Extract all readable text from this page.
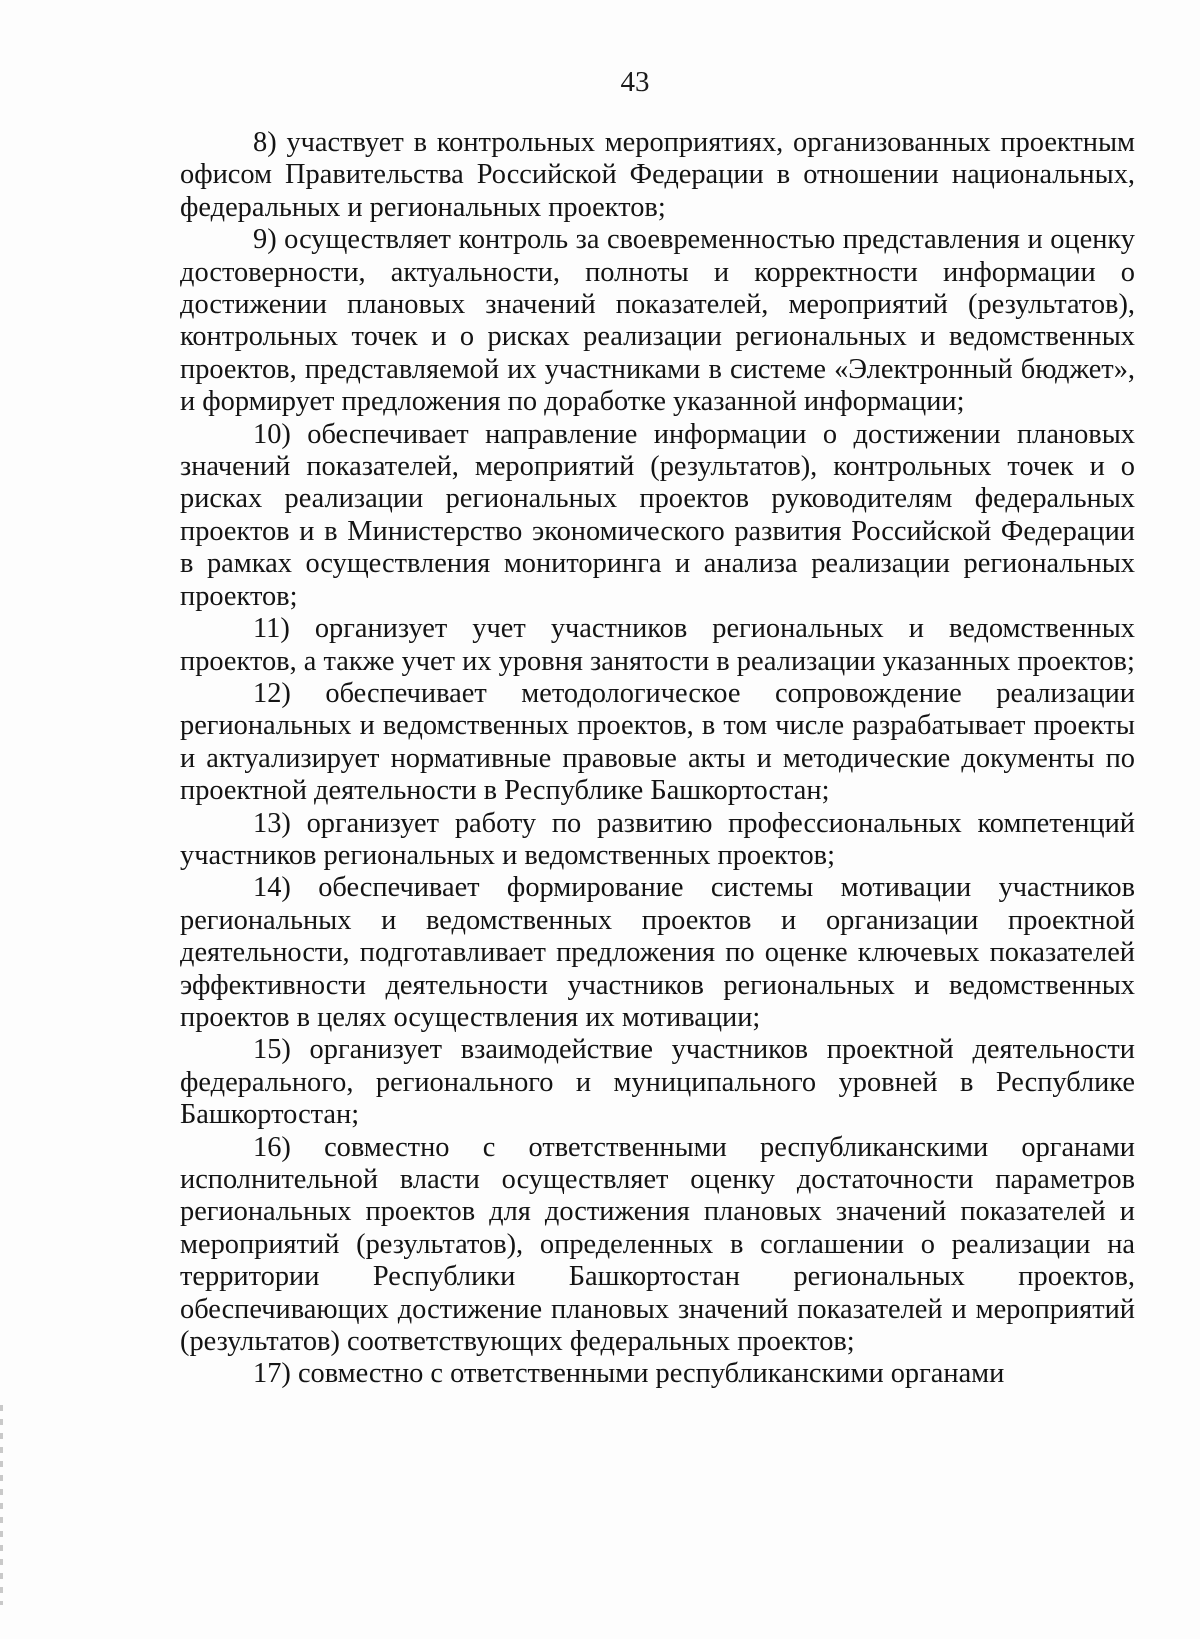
43

8) участвует в контрольных мероприятиях, организованных проектным офисом Правительства Российской Федерации в отношении национальных, федеральных и региональных проектов;

9) осуществляет контроль за своевременностью представления и оценку достоверности, актуальности, полноты и корректности информации о достижении плановых значений показателей, мероприятий (результатов), контрольных точек и о рисках реализации региональных и ведомственных проектов, представляемой их участниками в системе «Электронный бюджет», и формирует предложения по доработке указанной информации;

10) обеспечивает направление информации о достижении плановых значений показателей, мероприятий (результатов), контрольных точек и о рисках реализации региональных проектов руководителям федеральных проектов и в Министерство экономического развития Российской Федерации в рамках осуществления мониторинга и анализа реализации региональных проектов;

11) организует учет участников региональных и ведомственных проектов, а также учет их уровня занятости в реализации указанных проектов;

12) обеспечивает методологическое сопровождение реализации региональных и ведомственных проектов, в том числе разрабатывает проекты и актуализирует нормативные правовые акты и методические документы по проектной деятельности в Республике Башкортостан;

13) организует работу по развитию профессиональных компетенций участников региональных и ведомственных проектов;

14) обеспечивает формирование системы мотивации участников региональных и ведомственных проектов и организации проектной деятельности, подготавливает предложения по оценке ключевых показателей эффективности деятельности участников региональных и ведомственных проектов в целях осуществления их мотивации;

15) организует взаимодействие участников проектной деятельности федерального, регионального и муниципального уровней в Республике Башкортостан;

16) совместно с ответственными республиканскими органами исполнительной власти осуществляет оценку достаточности параметров региональных проектов для достижения плановых значений показателей и мероприятий (результатов), определенных в соглашении о реализации на территории Республики Башкортостан региональных проектов, обеспечивающих достижение плановых значений показателей и мероприятий (результатов) соответствующих федеральных проектов;

17) совместно с ответственными республиканскими органами
